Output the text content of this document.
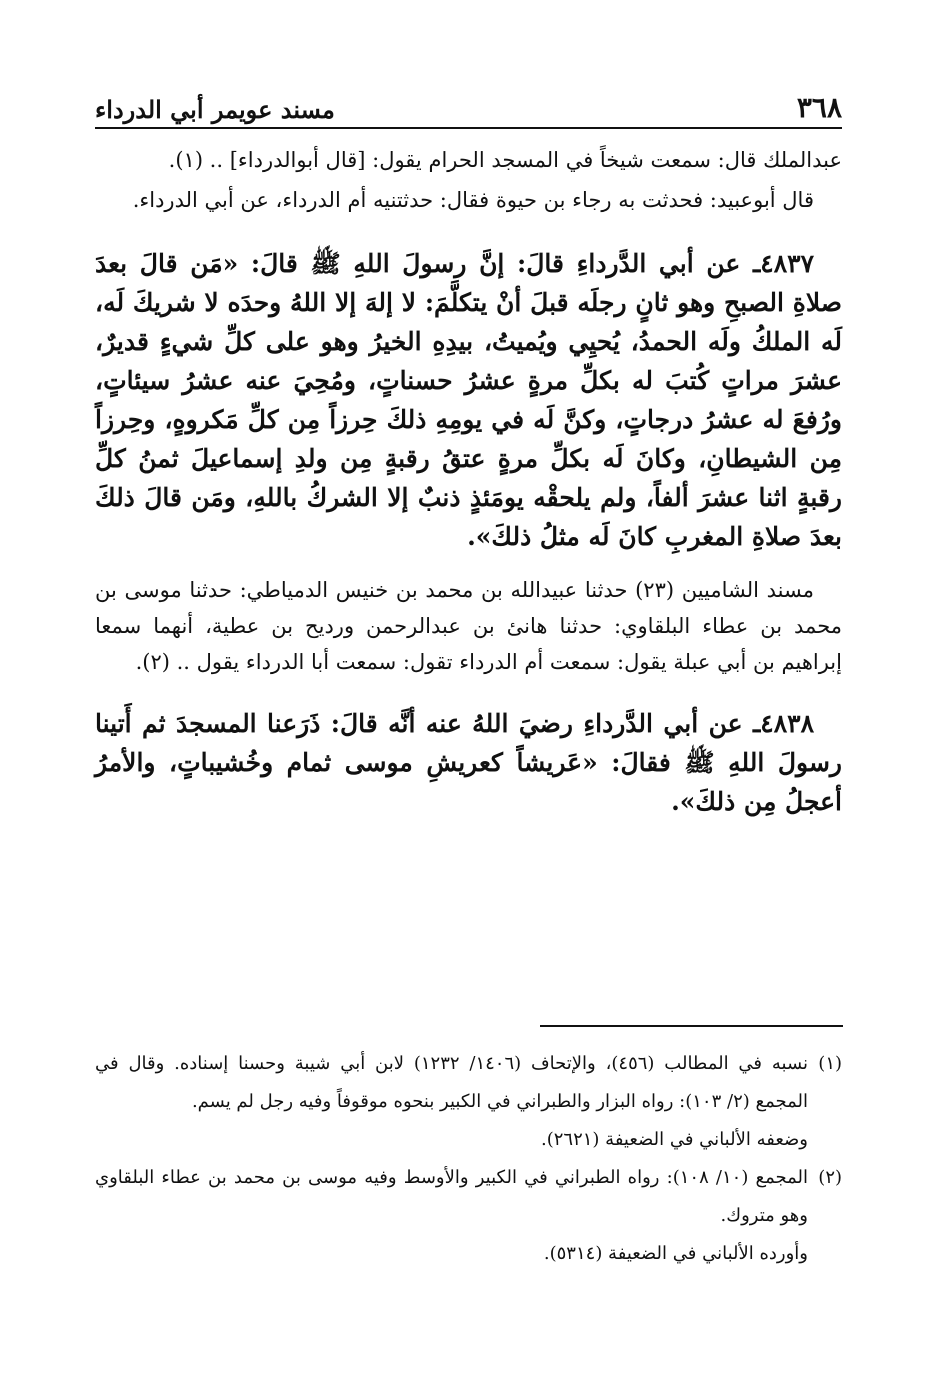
٣٦٨
مسند عويمر أبي الدرداء

عبدالملك قال: سمعت شيخاً في المسجد الحرام يقول: [قال أبوالدرداء] .. (١).

قال أبوعبيد: فحدثت به رجاء بن حيوة فقال: حدثتنيه أم الدرداء، عن أبي الدرداء.

٤٨٣٧ـ عن أبي الدَّرداءِ قالَ: إنَّ رسولَ اللهِ ﷺ قالَ: «مَن قالَ بعدَ صلاةِ الصبحِ وهو ثانٍ رجلَه قبلَ أنْ يتكلَّمَ: لا إلهَ إلا اللهُ وحدَه لا شريكَ لَه، لَه الملكُ ولَه الحمدُ، يُحيِي ويُميتُ، بيدِهِ الخيرُ وهو على كلِّ شيءٍ قديرٌ، عشرَ مراتٍ كُتبَ له بكلِّ مرةٍ عشرُ حسناتٍ، ومُحِيَ عنه عشرُ سيئاتٍ، ورُفعَ له عشرُ درجاتٍ، وكنَّ لَه في يومِهِ ذلكَ حِرزاً مِن كلِّ مَكروهٍ، وحِرزاً مِن الشيطانِ، وكانَ لَه بكلِّ مرةٍ عتقُ رقبةٍ مِن ولدِ إسماعيلَ ثمنُ كلِّ رقبةٍ اثنا عشرَ ألفاً، ولم يلحقْه يومَئذٍ ذنبٌ إلا الشركُ باللهِ، ومَن قالَ ذلكَ بعدَ صلاةِ المغربِ كانَ لَه مثلُ ذلكَ».

مسند الشاميين (٢٣) حدثنا عبيدالله بن محمد بن خنيس الدمياطي: حدثنا موسى بن محمد بن عطاء البلقاوي: حدثنا هانئ بن عبدالرحمن ورديح بن عطية، أنهما سمعا إبراهيم بن أبي عبلة يقول: سمعت أم الدرداء تقول: سمعت أبا الدرداء يقول .. (٢).

٤٨٣٨ـ عن أبي الدَّرداءِ رضيَ اللهُ عنه أنَّه قالَ: ذَرَعنا المسجدَ ثم أَتينا رسولَ اللهِ ﷺ فقالَ: «عَريشاً كعريشِ موسى ثمام وخُشيباتٍ، والأمرُ أعجلُ مِن ذلكَ».

(١)نسبه في المطالب (٤٥٦)، والإتحاف (١٤٠٦/ ١٢٣٢) لابن أبي شيبة وحسنا إسناده. وقال في المجمع (٢/ ١٠٣): رواه البزار والطبراني في الكبير بنحوه موقوفاً وفيه رجل لم يسم.

وضعفه الألباني في الضعيفة (٢٦٢١).

(٢)المجمع (١٠/ ١٠٨): رواه الطبراني في الكبير والأوسط وفيه موسى بن محمد بن عطاء البلقاوي وهو متروك.

وأورده الألباني في الضعيفة (٥٣١٤).
